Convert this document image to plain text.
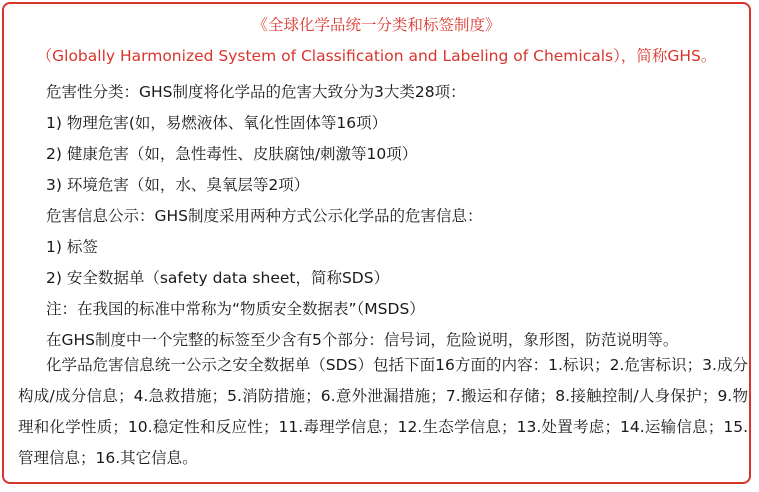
《全球化学品统一分类和标签制度》
（Globally Harmonized System of Classification and Labeling of Chemicals），简称GHS。
危害性分类：GHS制度将化学品的危害大致分为3大类28项：
1) 物理危害(如，易燃液体、氧化性固体等16项）
2) 健康危害（如，急性毒性、皮肤腐蚀/刺激等10项）
3) 环境危害（如，水、臭氧层等2项）
危害信息公示：GHS制度采用两种方式公示化学品的危害信息：
1) 标签
2) 安全数据单（safety data sheet，简称SDS）
注：在我国的标准中常称为“物质安全数据表”（MSDS）
在GHS制度中一个完整的标签至少含有5个部分：信号词，危险说明，象形图，防范说明等。
化学品危害信息统一公示之安全数据单（SDS）包括下面16方面的内容：1.标识；2.危害标识；3.成分构成/成分信息；4.急救措施；5.消防措施；6.意外泄漏措施；7.搬运和存储；8.接触控制/人身保护；9.物理和化学性质；10.稳定性和反应性；11.毒理学信息；12.生态学信息；13.处置考虑；14.运输信息；15.管理信息；16.其它信息。
